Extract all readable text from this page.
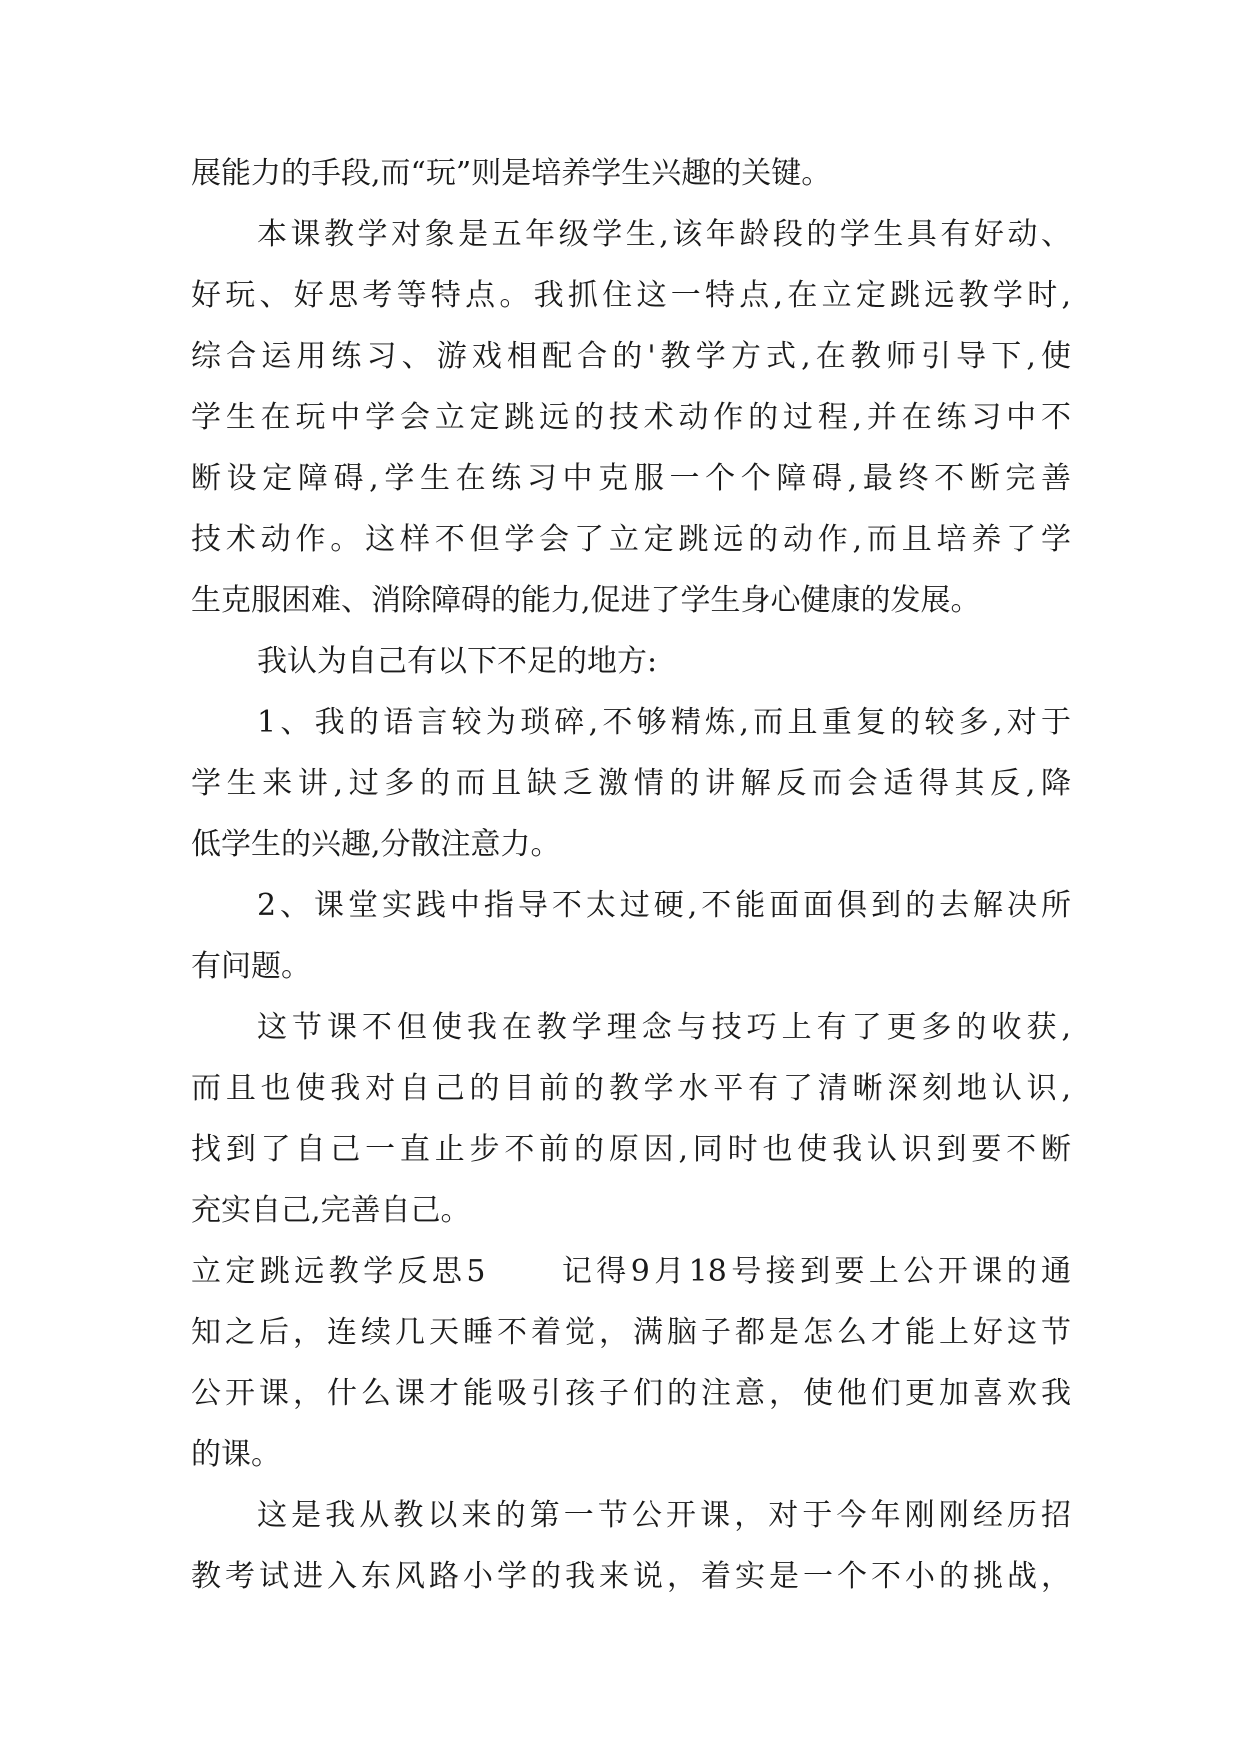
展能力的手段,而“玩”则是培养学生兴趣的关键。
本课教学对象是五年级学生,该年龄段的学生具有好动、
好玩、好思考等特点。我抓住这一特点,在立定跳远教学时,
综合运用练习、游戏相配合的'教学方式,在教师引导下,使
学生在玩中学会立定跳远的技术动作的过程,并在练习中不
断设定障碍,学生在练习中克服一个个障碍,最终不断完善
技术动作。这样不但学会了立定跳远的动作,而且培养了学
生克服困难、消除障碍的能力,促进了学生身心健康的发展。
我认为自己有以下不足的地方:
1、我的语言较为琐碎,不够精炼,而且重复的较多,对于
学生来讲,过多的而且缺乏激情的讲解反而会适得其反,降
低学生的兴趣,分散注意力。
2、课堂实践中指导不太过硬,不能面面俱到的去解决所
有问题。
这节课不但使我在教学理念与技巧上有了更多的收获,
而且也使我对自己的目前的教学水平有了清晰深刻地认识,
找到了自己一直止步不前的原因,同时也使我认识到要不断
充实自己,完善自己。
立定跳远教学反思5 记得9月18号接到要上公开课的通
知之后，连续几天睡不着觉，满脑子都是怎么才能上好这节
公开课，什么课才能吸引孩子们的注意，使他们更加喜欢我
的课。
这是我从教以来的第一节公开课，对于今年刚刚经历招
教考试进入东风路小学的我来说，着实是一个不小的挑战，
